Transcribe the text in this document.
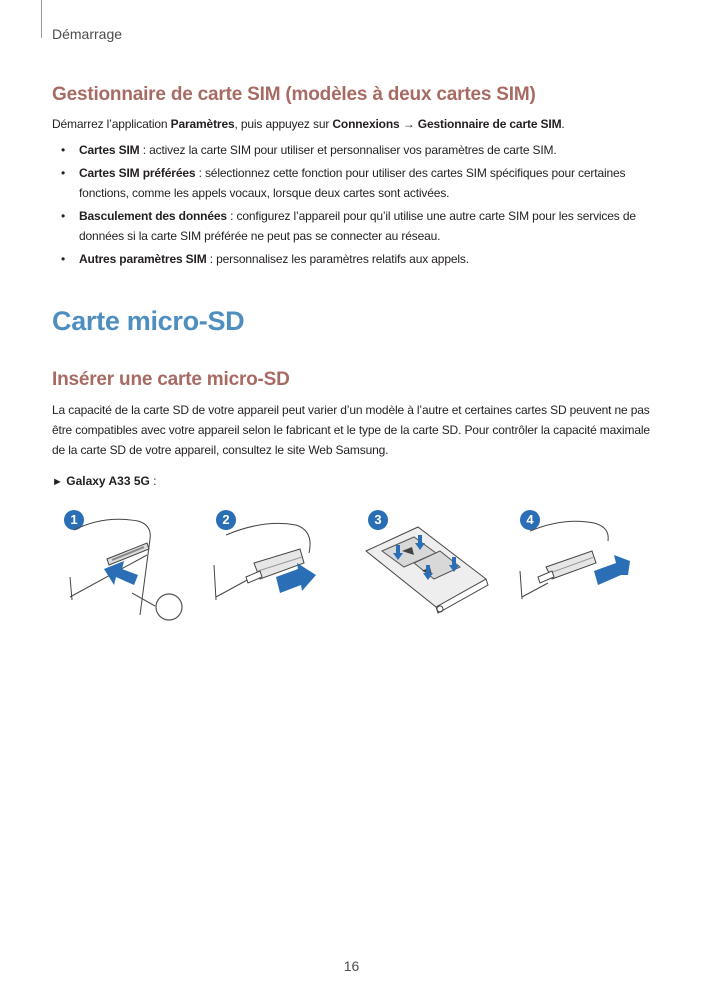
Démarrage
Gestionnaire de carte SIM (modèles à deux cartes SIM)

Démarrez l’application Paramètres, puis appuyez sur Connexions → Gestionnaire de carte SIM.

• Cartes SIM : activez la carte SIM pour utiliser et personnaliser vos paramètres de carte SIM.
• Cartes SIM préférées : sélectionnez cette fonction pour utiliser des cartes SIM spécifiques pour certaines fonctions, comme les appels vocaux, lorsque deux cartes sont activées.
• Basculement des données : configurez l’appareil pour qu’il utilise une autre carte SIM pour les services de données si la carte SIM préférée ne peut pas se connecter au réseau.
• Autres paramètres SIM : personnalisez les paramètres relatifs aux appels.
Carte micro-SD
Insérer une carte micro-SD

La capacité de la carte SD de votre appareil peut varier d’un modèle à l’autre et certaines cartes SD peuvent ne pas être compatibles avec votre appareil selon le fabricant et le type de la carte SD. Pour contrôler la capacité maximale de la carte SD de votre appareil, consultez le site Web Samsung.

► Galaxy A33 5G :
1	2	3	4
16
